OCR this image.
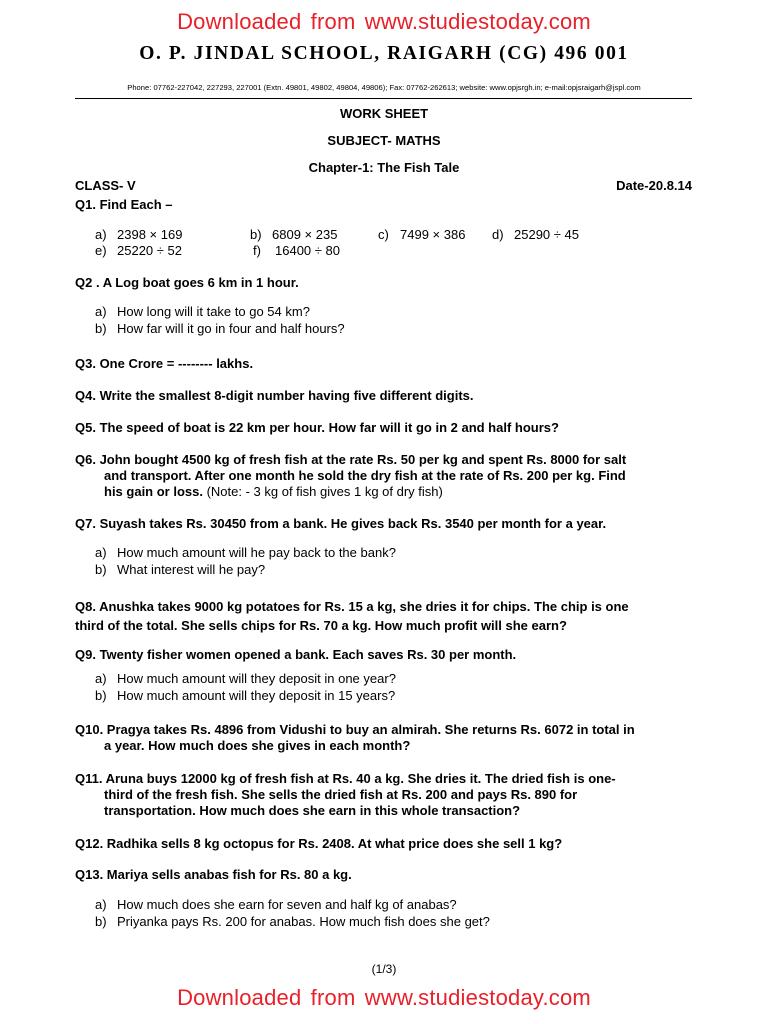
Downloaded from www.studiestoday.com
O. P. JINDAL SCHOOL, RAIGARH (CG) 496 001
Phone: 07762-227042, 227293, 227001 (Extn. 49801, 49802, 49804, 49806); Fax: 07762-262613; website: www.opjsrgh.in; e-mail:opjsraigarh@jspl.com
WORK SHEET
SUBJECT- MATHS
Chapter-1: The Fish Tale
CLASS- V	Date-20.8.14
Q1. Find Each –
a) 2398 × 169	b) 6809 × 235	c) 7499 × 386 d) 25290 ÷ 45
e) 25220 ÷ 52	f) 16400 ÷ 80
Q2 . A Log boat goes 6 km in 1 hour.
a) How long will it take to go 54 km?
b) How far will it go in four and half hours?
Q3. One Crore = -------- lakhs.
Q4. Write the smallest 8-digit number having five different digits.
Q5. The speed of boat is 22 km per hour. How far will it go in 2 and half hours?
Q6. John bought 4500 kg of fresh fish at the rate Rs. 50 per kg and spent Rs. 8000 for salt
and transport. After one month he sold the dry fish at the rate of Rs. 200 per kg. Find
his gain or loss. (Note: - 3 kg of fish gives 1 kg of dry fish)
Q7. Suyash takes Rs. 30450 from a bank. He gives back Rs. 3540 per month for a year.
a) How much amount will he pay back to the bank?
b) What interest will he pay?
Q8. Anushka takes 9000 kg potatoes for Rs. 15 a kg, she dries it for chips. The chip is one
third of the total. She sells chips for Rs. 70 a kg. How much profit will she earn?
Q9. Twenty fisher women opened a bank. Each saves Rs. 30 per month.
a) How much amount will they deposit in one year?
b) How much amount will they deposit in 15 years?
Q10. Pragya takes Rs. 4896 from Vidushi to buy an almirah. She returns Rs. 6072 in total in
a year. How much does she gives in each month?
Q11. Aruna buys 12000 kg of fresh fish at Rs. 40 a kg. She dries it. The dried fish is one-
third of the fresh fish. She sells the dried fish at Rs. 200 and pays Rs. 890 for
transportation. How much does she earn in this whole transaction?
Q12. Radhika sells 8 kg octopus for Rs. 2408. At what price does she sell 1 kg?
Q13. Mariya sells anabas fish for Rs. 80 a kg.
a) How much does she earn for seven and half kg of anabas?
b) Priyanka pays Rs. 200 for anabas. How much fish does she get?
(1/3)
Downloaded from www.studiestoday.com
